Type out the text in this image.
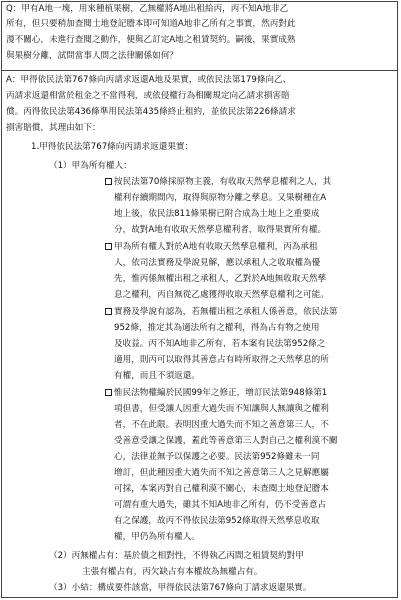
Q：甲有A地一塊，用來種植果樹，乙無權將A地出租給丙，丙不知A地非乙
所有，但只要稍加查閱土地登記謄本即可知道A地非乙所有之事實，然丙對此
漫不關心，未進行查閱之動作，便與乙訂定A地之租賃契約。嗣後，果實成熟
與果樹分離，試問當事人間之法律關係如何？
A：甲得依民法第767條向丙請求返還A地及果實，或依民法第179條向乙、
丙請求返還相當於租金之不當得利，或依侵權行為相關規定向乙請求損害賠
償。丙得依民法第436條準用民法第435條終止租約，並依民法第226條請求
損害賠償，其理由如下：
1.甲得依民法第767條向丙請求返還果實：
（1）甲為所有權人：
按民法第70條採原物主義，有收取天然孳息權利之人，其
權利存續期間內，取得與原物分離之孳息。又果樹種在A
地上後，依民法811條果樹已附合成為土地上之重要成
分，故對A地有收取天然孳息權利者，取得果實所有權。
甲為所有權人對於A地有收取天然孳息權利，丙為承租
人，依司法實務及學說見解，應以承租人之收取權為優
先，惟丙係無權出租之承租人，乙對於A地無收取天然孳
息之權利，丙自無從乙處獲得收取天然孳息權利之可能。
實務及學說有認為，若無權出租之承租人係善意，依民法第
952條，推定其為適法所有之權利，得為占有物之使用
及收益。丙不知A地非乙所有，若本案有民法第952條之
適用，則丙可以取得其善意占有時所取得之天然孳息的所
有權，而且不須返還。
惟民法物權編於民國99年之修正，增訂民法第948條第1
項但書，但受讓人因重大過失而不知讓與人無讓與之權利
者，不在此限。表明因重大過失而不知之善意第三人，不
受善意受讓之保護，蓋此等善意第三人對自己之權利漠不關
心，法律並無予以保護之必要。民法第952條雖未一同
增訂，但此種因重大過失而不知之善意第三人之見解應屬
可採，本案丙對自己權利漠不關心，未查閱土地登記謄本
可謂有重大過失，雖其不知A地非乙所有，仍不受善意占
有之保護，故丙不得依民法第952條取得天然孳息收取
權，甲仍為所有權人。
（2）丙無權占有：基於債之相對性，不得執乙丙間之租賃契約對甲
主張有權占有，丙欠缺占有本權故為無權占有。
（3）小結：構成要件該當，甲得依民法第767條向丁請求返還果實。
